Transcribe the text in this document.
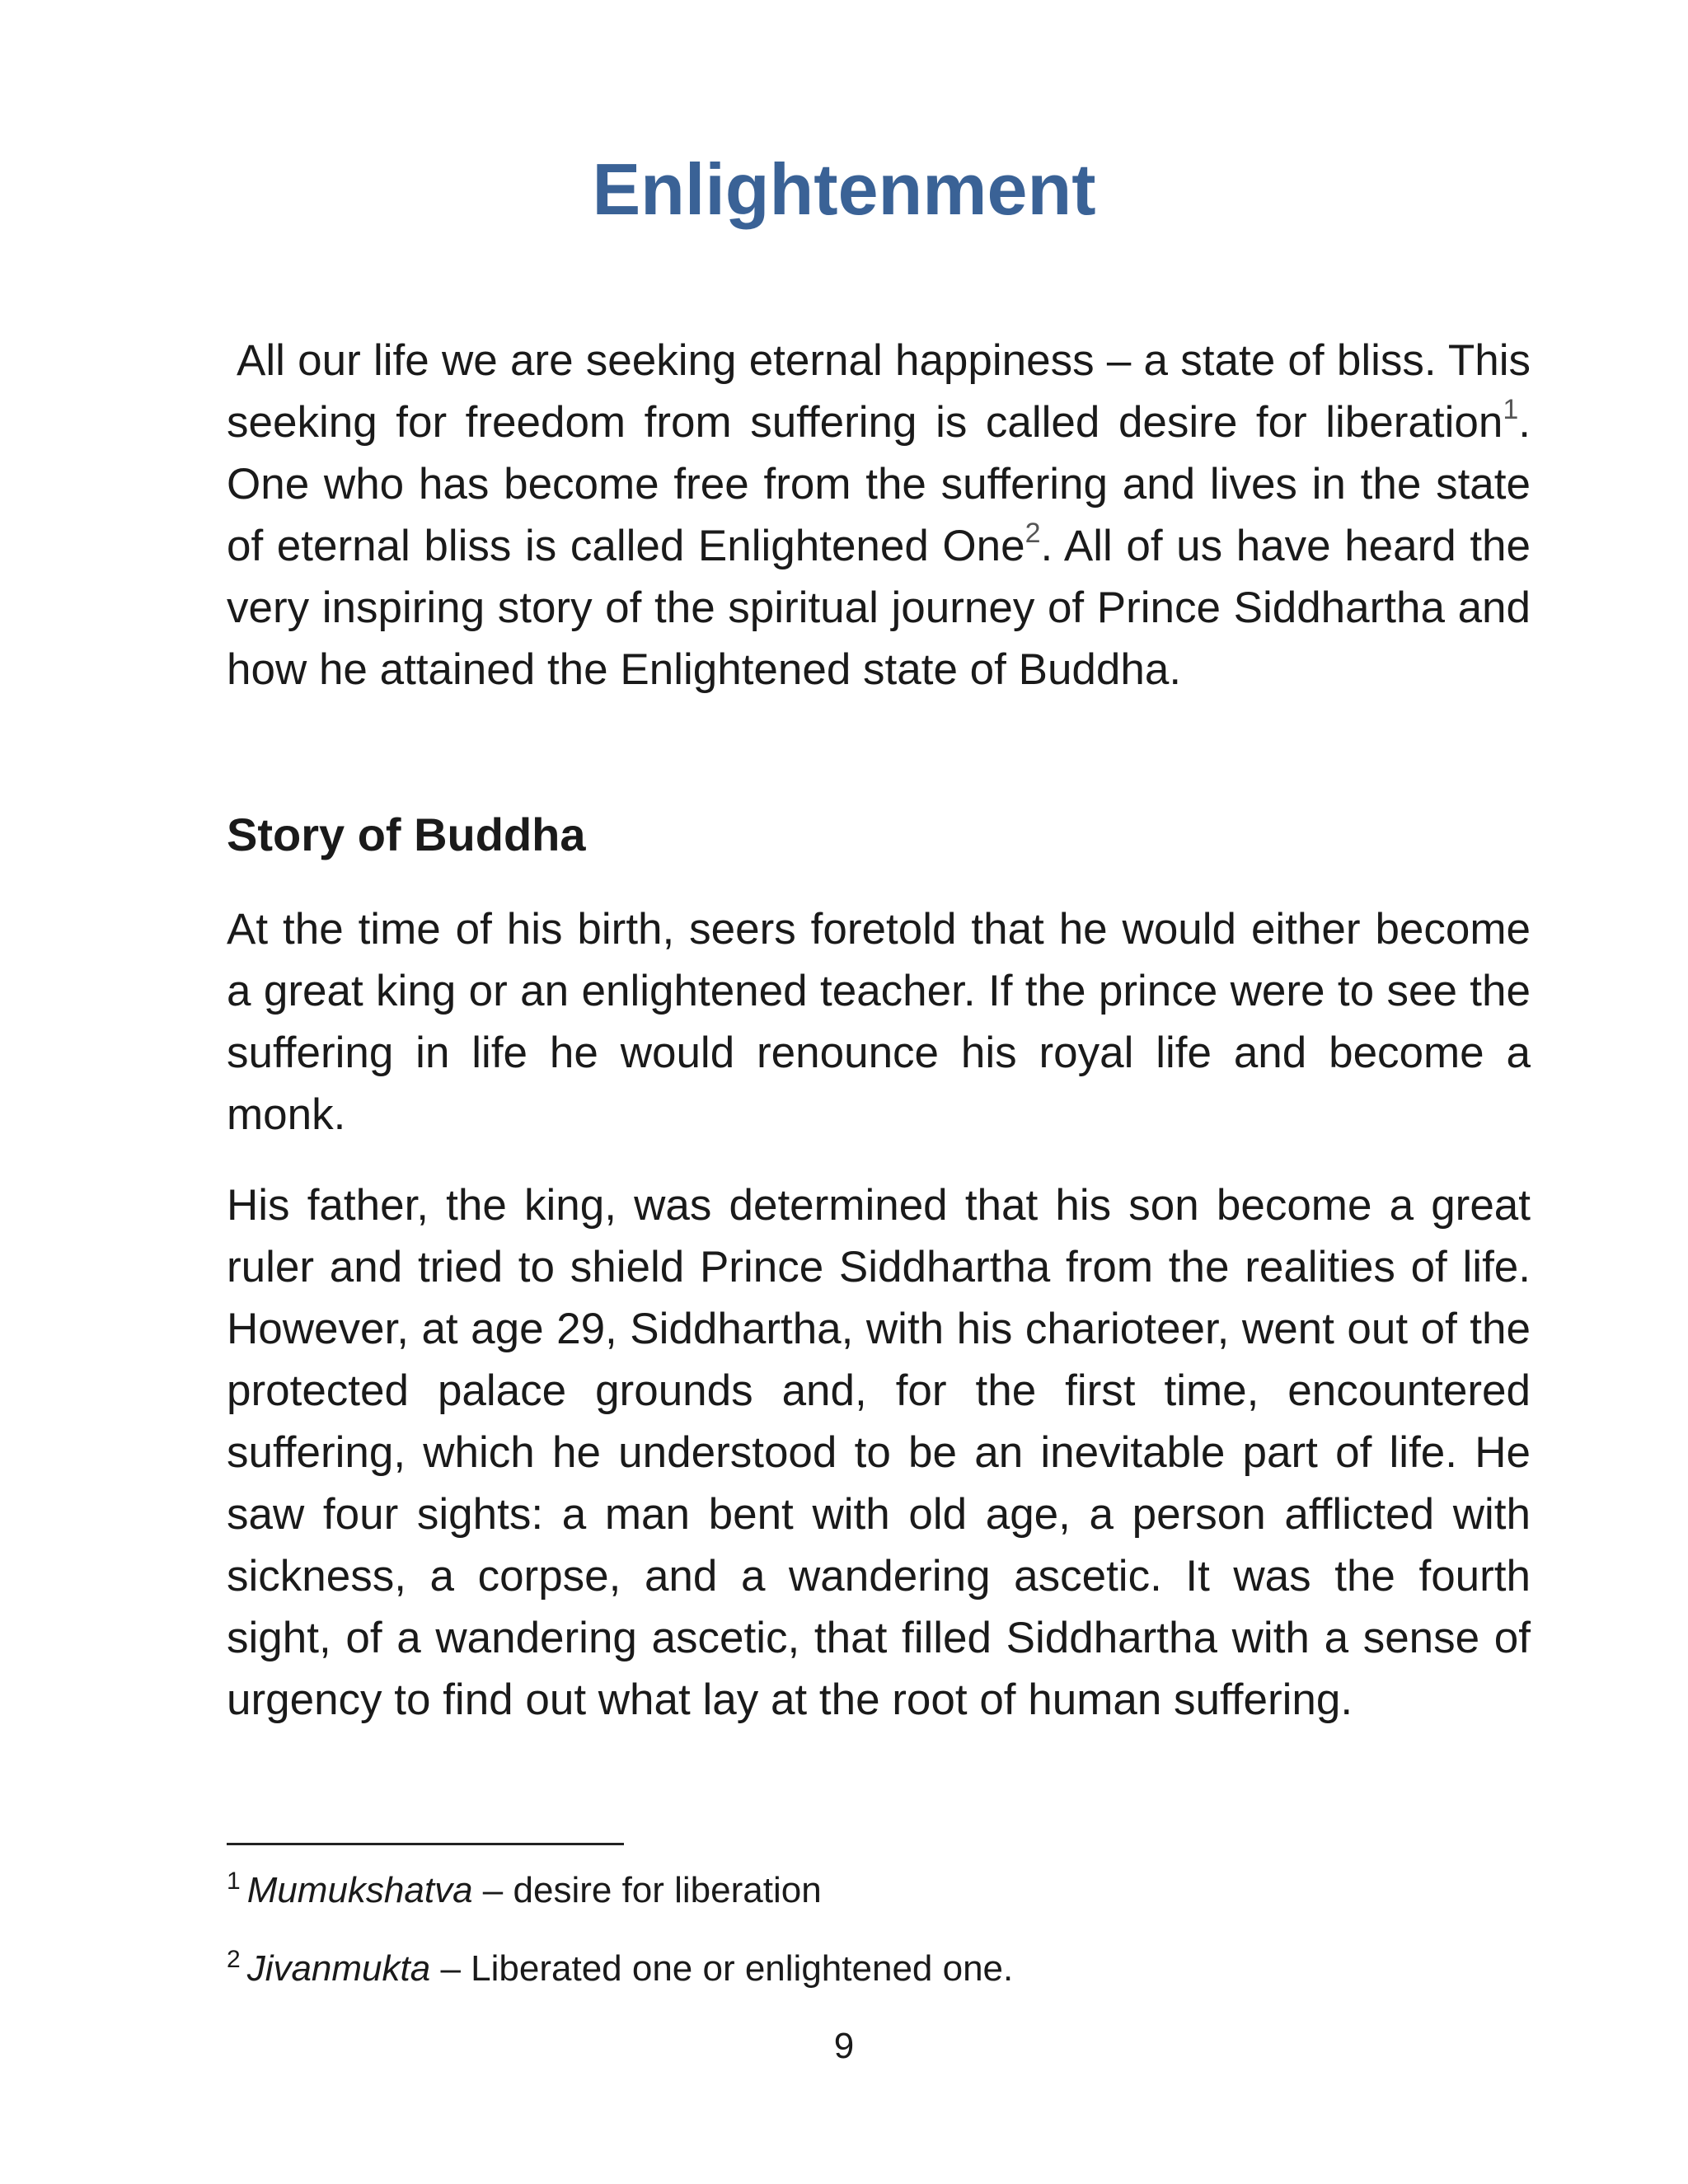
Enlightenment

All our life we are seeking eternal happiness – a state of bliss. This seeking for freedom from suffering is called desire for liberation$^1$. One who has become free from the suffering and lives in the state of eternal bliss is called Enlightened One$^2$. All of us have heard the very inspiring story of the spiritual journey of Prince Siddhartha and how he attained the Enlightened state of Buddha.

Story of Buddha

At the time of his birth, seers foretold that he would either become a great king or an enlightened teacher. If the prince were to see the suffering in life he would renounce his royal life and become a monk.

His father, the king, was determined that his son become a great ruler and tried to shield Prince Siddhartha from the realities of life. However, at age 29, Siddhartha, with his charioteer, went out of the protected palace grounds and, for the first time, encountered suffering, which he understood to be an inevitable part of life. He saw four sights: a man bent with old age, a person afflicted with sickness, a corpse, and a wandering ascetic. It was the fourth sight, of a wandering ascetic, that filled Siddhartha with a sense of urgency to find out what lay at the root of human suffering.

$^1$ Mumukshatva – desire for liberation

$^2$ Jivanmukta – Liberated one or enlightened one.

9
